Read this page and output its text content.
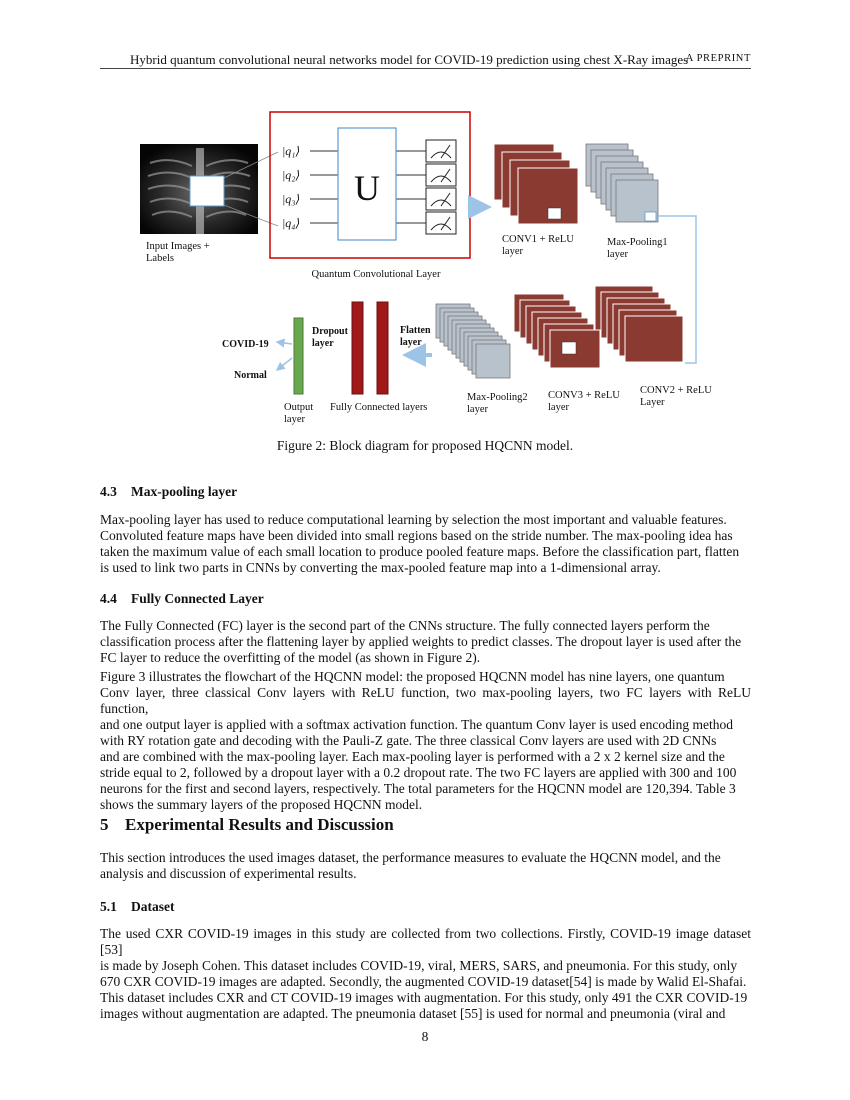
Hybrid quantum convolutional neural networks model for COVID-19 prediction using chest X-Ray images
A PREPRINT
Input Images +
Labels
|q₁⟩
|q₂⟩
|q₃⟩
|q₄⟩
U
Quantum Convolutional Layer
CONV1 + ReLU
layer
Max-Pooling1
layer
CONV2 + ReLU
Layer
CONV3 + ReLU
layer
Max-Pooling2
layer
Flatten
layer
Fully Connected layers
Dropout
layer
Output
layer
COVID-19
Normal
Figure 2: Block diagram for proposed HQCNN model.
4.3 Max-pooling layer
Max-pooling layer has used to reduce computational learning by selection the most important and valuable features.
Convoluted feature maps have been divided into small regions based on the stride number. The max-pooling idea has
taken the maximum value of each small location to produce pooled feature maps. Before the classification part, flatten
is used to link two parts in CNNs by converting the max-pooled feature map into a 1-dimensional array.
4.4 Fully Connected Layer
The Fully Connected (FC) layer is the second part of the CNNs structure. The fully connected layers perform the
classification process after the flattening layer by applied weights to predict classes. The dropout layer is used after the
FC layer to reduce the overfitting of the model (as shown in Figure 2).
Figure 3 illustrates the flowchart of the HQCNN model: the proposed HQCNN model has nine layers, one quantum
Conv layer, three classical Conv layers with ReLU function, two max-pooling layers, two FC layers with ReLU function,
and one output layer is applied with a softmax activation function. The quantum Conv layer is used encoding method
with RY rotation gate and decoding with the Pauli-Z gate. The three classical Conv layers are used with 2D CNNs
and are combined with the max-pooling layer. Each max-pooling layer is performed with a 2 x 2 kernel size and the
stride equal to 2, followed by a dropout layer with a 0.2 dropout rate. The two FC layers are applied with 300 and 100
neurons for the first and second layers, respectively. The total parameters for the HQCNN model are 120,394. Table 3
shows the summary layers of the proposed HQCNN model.
5 Experimental Results and Discussion
This section introduces the used images dataset, the performance measures to evaluate the HQCNN model, and the
analysis and discussion of experimental results.
5.1 Dataset
The used CXR COVID-19 images in this study are collected from two collections. Firstly, COVID-19 image dataset [53]
is made by Joseph Cohen. This dataset includes COVID-19, viral, MERS, SARS, and pneumonia. For this study, only
670 CXR COVID-19 images are adapted. Secondly, the augmented COVID-19 dataset[54] is made by Walid El-Shafai.
This dataset includes CXR and CT COVID-19 images with augmentation. For this study, only 491 the CXR COVID-19
images without augmentation are adapted. The pneumonia dataset [55] is used for normal and pneumonia (viral and
8
